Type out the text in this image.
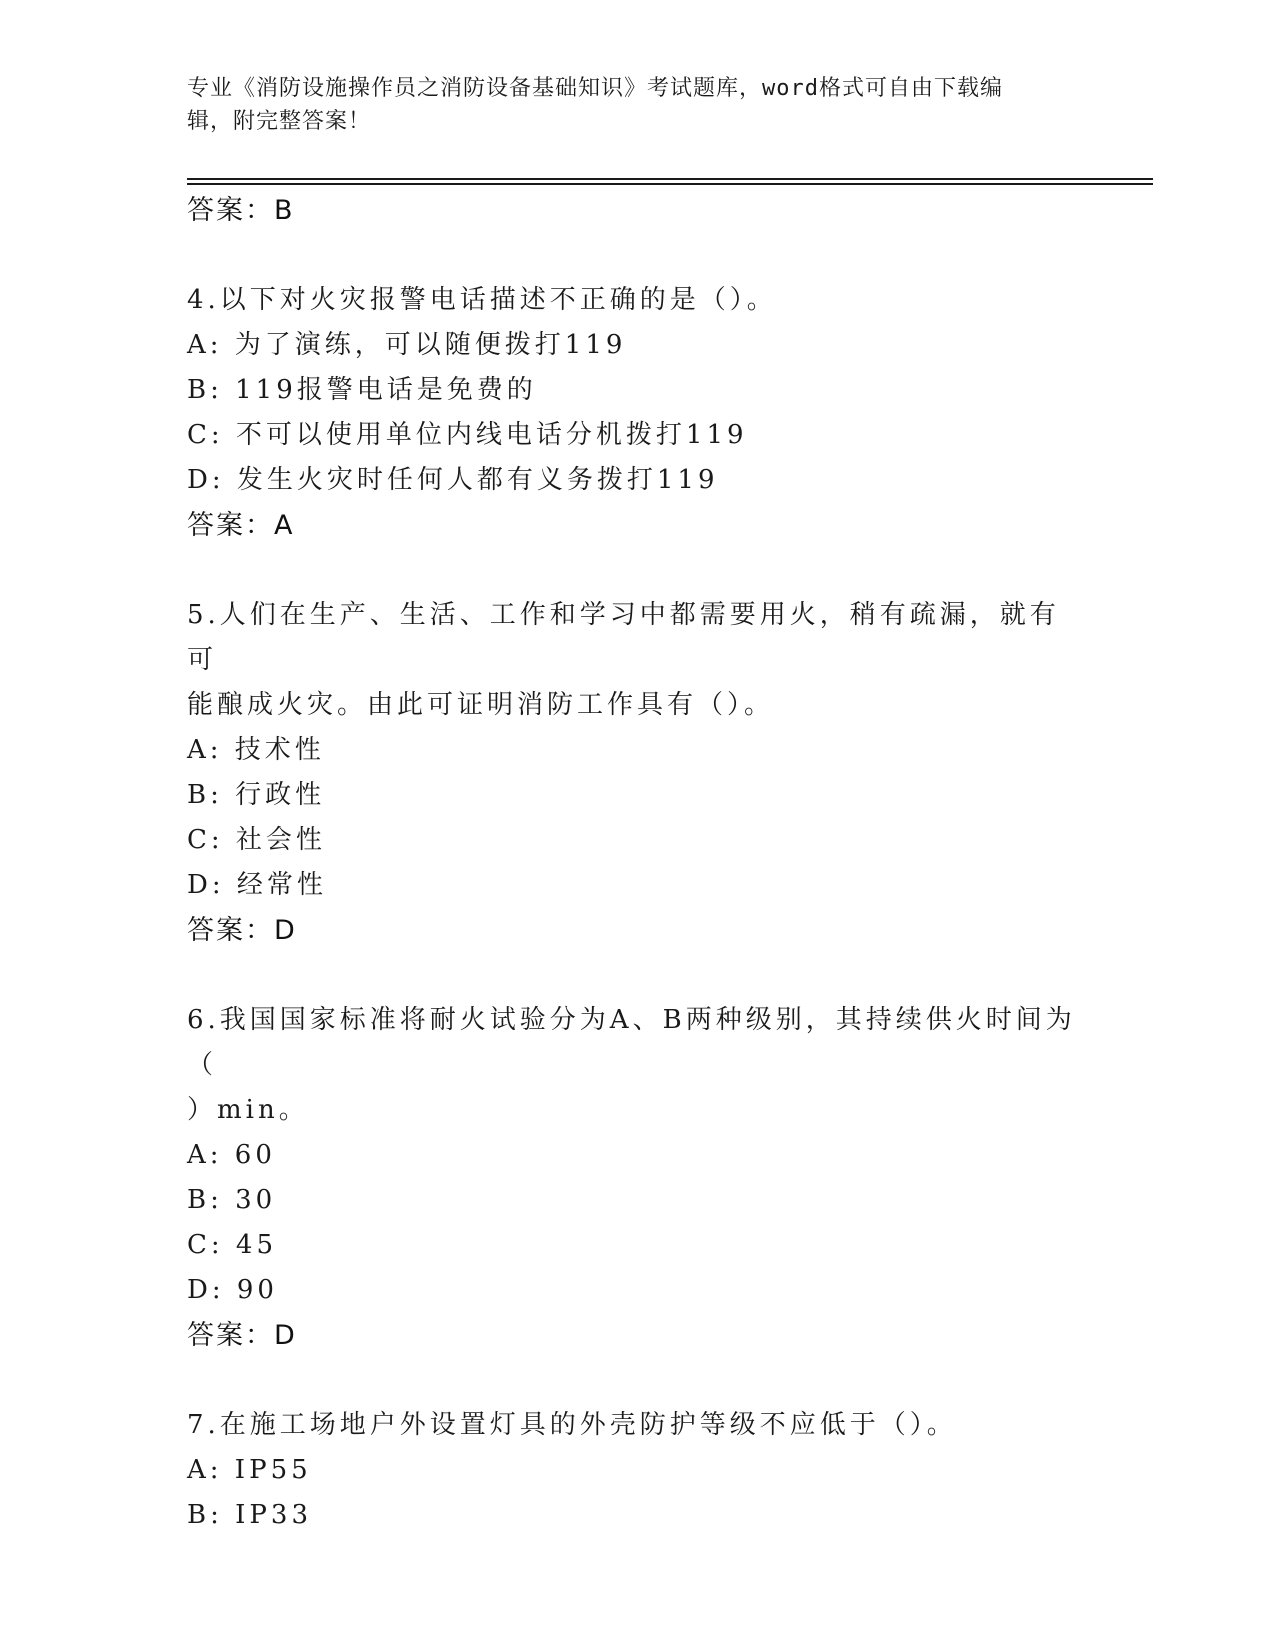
专业《消防设施操作员之消防设备基础知识》考试题库，word格式可自由下载编
辑，附完整答案！
答案：B
4.以下对火灾报警电话描述不正确的是（）。
A: 为了演练，可以随便拨打119
B: 119报警电话是免费的
C: 不可以使用单位内线电话分机拨打119
D: 发生火灾时任何人都有义务拨打119
答案：A
5.人们在生产、生活、工作和学习中都需要用火，稍有疏漏，就有可
能酿成火灾。由此可证明消防工作具有（）。
A: 技术性
B: 行政性
C: 社会性
D: 经常性
答案：D
6.我国国家标准将耐火试验分为A、B两种级别，其持续供火时间为（
）min。
A: 60
B: 30
C: 45
D: 90
答案：D
7.在施工场地户外设置灯具的外壳防护等级不应低于（）。
A: IP55
B: IP33
